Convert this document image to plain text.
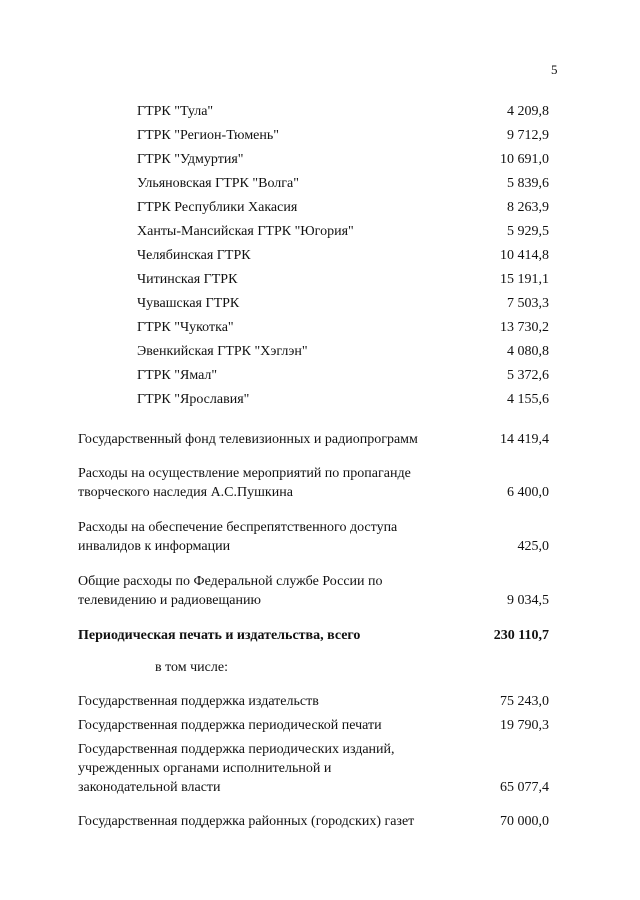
5
ГТРК "Тула"	4 209,8
ГТРК "Регион-Тюмень"	9 712,9
ГТРК "Удмуртия"	10 691,0
Ульяновская ГТРК "Волга"	5 839,6
ГТРК Республики Хакасия	8 263,9
Ханты-Мансийская ГТРК "Югория"	5 929,5
Челябинская ГТРК	10 414,8
Читинская ГТРК	15 191,1
Чувашская ГТРК	7 503,3
ГТРК "Чукотка"	13 730,2
Эвенкийская ГТРК "Хэглэн"	4 080,8
ГТРК "Ямал"	5 372,6
ГТРК "Ярославия"	4 155,6
Государственный фонд телевизионных и радиопрограмм	14 419,4
Расходы на осуществление мероприятий по пропаганде
творческого наследия А.С.Пушкина	6 400,0
Расходы на обеспечение беспрепятственного доступа
инвалидов к информации	425,0
Общие расходы по Федеральной службе России по
телевидению и радиовещанию	9 034,5
Периодическая печать и издательства, всего	230 110,7
в том числе:
Государственная поддержка издательств	75 243,0
Государственная поддержка периодической печати	19 790,3
Государственная поддержка периодических изданий,
учрежденных органами исполнительной и
законодательной власти	65 077,4
Государственная поддержка районных (городских) газет	70 000,0
